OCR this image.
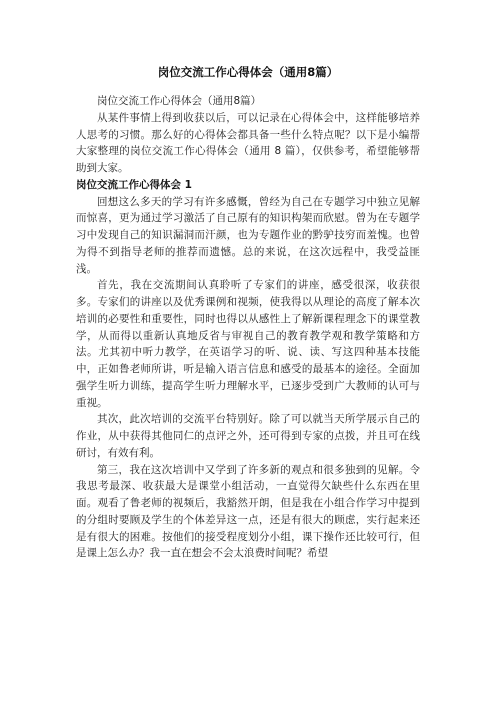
岗位交流工作心得体会（通用8篇）

岗位交流工作心得体会（通用8篇）

从某件事情上得到收获以后，可以记录在心得体会中，这样能够培养人思考的习惯。那么好的心得体会都具备一些什么特点呢？以下是小编帮大家整理的岗位交流工作心得体会（通用 8 篇），仅供参考，希望能够帮助到大家。

岗位交流工作心得体会 1

回想这么多天的学习有许多感慨，曾经为自己在专题学习中独立见解而惊喜，更为通过学习激活了自己原有的知识构架而欣慰。曾为在专题学习中发现自己的知识漏洞而汗颜，也为专题作业的黔驴技穷而羞愧。也曾为得不到指导老师的推荐而遗憾。总的来说，在这次远程中，我受益匪浅。

首先，我在交流期间认真聆听了专家们的讲座，感受很深，收获很多。专家们的讲座以及优秀课例和视频，使我得以从理论的高度了解本次培训的必要性和重要性，同时也得以从感性上了解新课程理念下的课堂教学，从而得以重新认真地反省与审视自己的教育教学观和教学策略和方法。尤其初中听力教学，在英语学习的听、说、读、写这四种基本技能中，正如鲁老师所讲，听是输入语言信息和感受的最基本的途径。全面加强学生听力训练，提高学生听力理解水平，已逐步受到广大教师的认可与重视。

其次，此次培训的交流平台特别好。除了可以就当天所学展示自己的作业，从中获得其他同仁的点评之外，还可得到专家的点拨，并且可在线研讨，有效有利。

第三，我在这次培训中又学到了许多新的观点和很多独到的见解。令我思考最深、收获最大是课堂小组活动，一直觉得欠缺些什么东西在里面。观看了鲁老师的视频后，我豁然开朗，但是我在小组合作学习中提到的分组时要顾及学生的个体差异这一点，还是有很大的顾虑，实行起来还是有很大的困难。按他们的接受程度划分小组，课下操作还比较可行，但是课上怎么办？我一直在想会不会太浪费时间呢？希望
